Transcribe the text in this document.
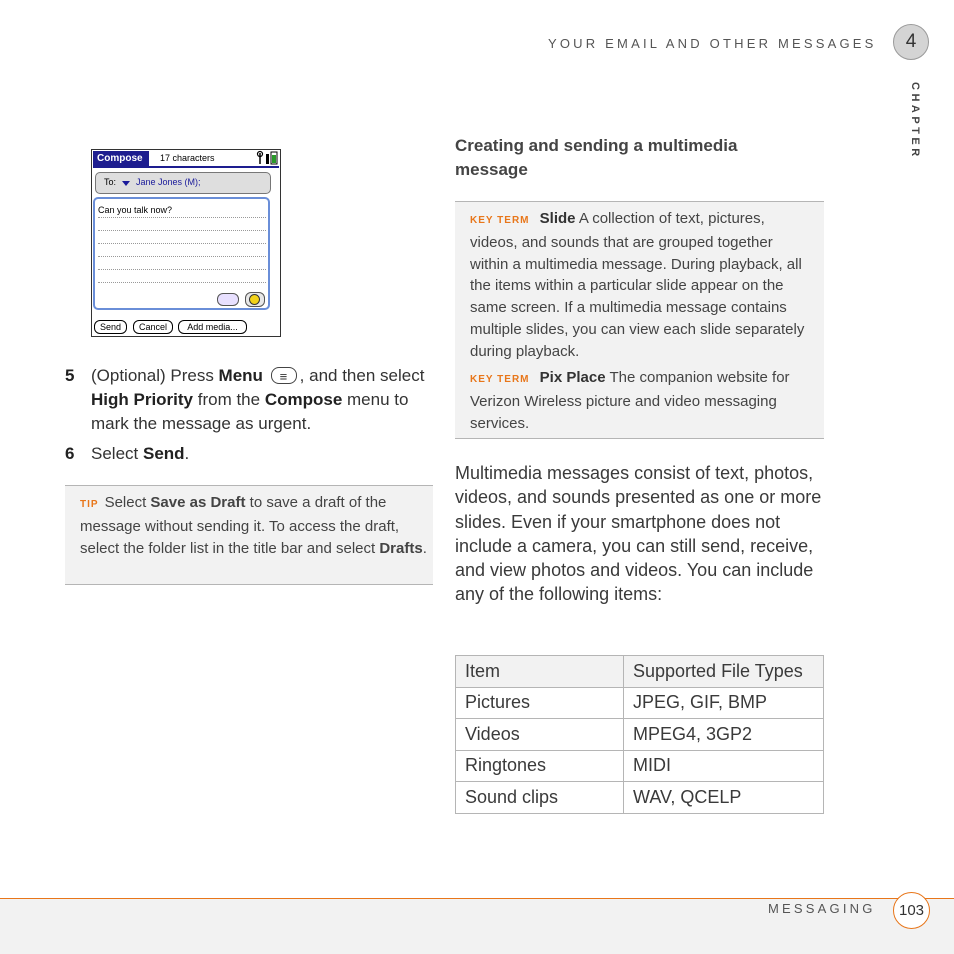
YOUR EMAIL AND OTHER MESSAGES	4
CHAPTER
Compose	17 characters
To: Jane Jones (M);
Can you talk now?
Send	Cancel	Add media...
5 (Optional) Press Menu ≡ , and then select High Priority from the Compose menu to mark the message as urgent.
6 Select Send.
TIP Select Save as Draft to save a draft of the message without sending it. To access the draft, select the folder list in the title bar and select Drafts.
Creating and sending a multimedia message
KEY TERM Slide A collection of text, pictures, videos, and sounds that are grouped together within a multimedia message. During playback, all the items within a particular slide appear on the same screen. If a multimedia message contains multiple slides, you can view each slide separately during playback.
KEY TERM Pix Place The companion website for Verizon Wireless picture and video messaging services.
Multimedia messages consist of text, photos, videos, and sounds presented as one or more slides. Even if your smartphone does not include a camera, you can still send, receive, and view photos and videos. You can include any of the following items:
Item	Supported File Types
Pictures	JPEG, GIF, BMP
Videos	MPEG4, 3GP2
Ringtones	MIDI
Sound clips	WAV, QCELP
MESSAGING	103
